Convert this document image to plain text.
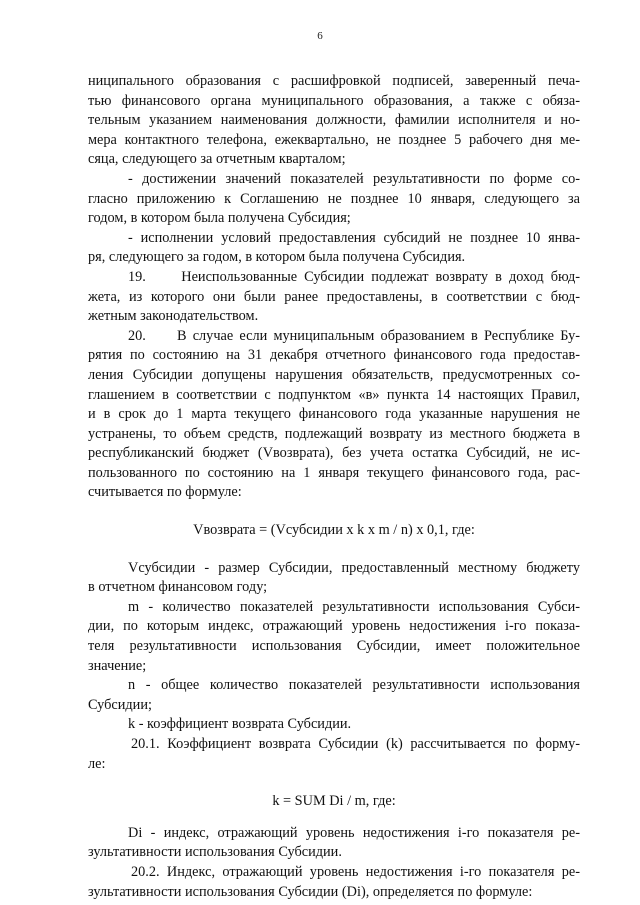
6
ниципального образования с расшифровкой подписей, заверенный печа-
тью финансового органа муниципального образования, а также с обяза-
тельным указанием наименования должности, фамилии исполнителя и но-
мера контактного телефона, ежеквартально, не позднее 5 рабочего дня ме-
сяца, следующего за отчетным кварталом;
- достижении значений показателей результативности по форме со-
гласно приложению к Соглашению не позднее 10 января, следующего за
годом, в котором была получена Субсидия;
- исполнении условий предоставления субсидий не позднее 10 янва-
ря, следующего за годом, в котором была получена Субсидия.
19.     Неиспользованные Субсидии подлежат возврату в доход бюд-
жета, из которого они были ранее предоставлены, в соответствии с бюд-
жетным законодательством.
20.     В случае если муниципальным образованием в Республике Бу-
рятия по состоянию на 31 декабря отчетного финансового года предостав-
ления Субсидии допущены нарушения обязательств, предусмотренных со-
глашением в соответствии с подпунктом «в» пункта 14 настоящих Правил,
и в срок до 1 марта текущего финансового года указанные нарушения не
устранены, то объем средств, подлежащий возврату из местного бюджета в
республиканский бюджет (Vвозврата), без учета остатка Субсидий, не ис-
пользованного по состоянию на 1 января текущего финансового года, рас-
считывается по формуле:
Vвозврата = (Vсубсидии x k x m / n) x 0,1, где:
Vсубсидии - размер Субсидии, предоставленный местному бюджету
в отчетном финансовом году;
m - количество показателей результативности использования Субси-
дии, по которым индекс, отражающий уровень недостижения i-го показа-
теля результативности использования Субсидии, имеет положительное
значение;
n - общее количество показателей результативности использования
Субсидии;
k - коэффициент возврата Субсидии.
20.1. Коэффициент возврата Субсидии (k) рассчитывается по форму-
ле:
k = SUM Di / m, где:
Di - индекс, отражающий уровень недостижения i-го показателя ре-
зультативности использования Субсидии.
20.2. Индекс, отражающий уровень недостижения i-го показателя ре-
зультативности использования Субсидии (Di), определяется по формуле:
